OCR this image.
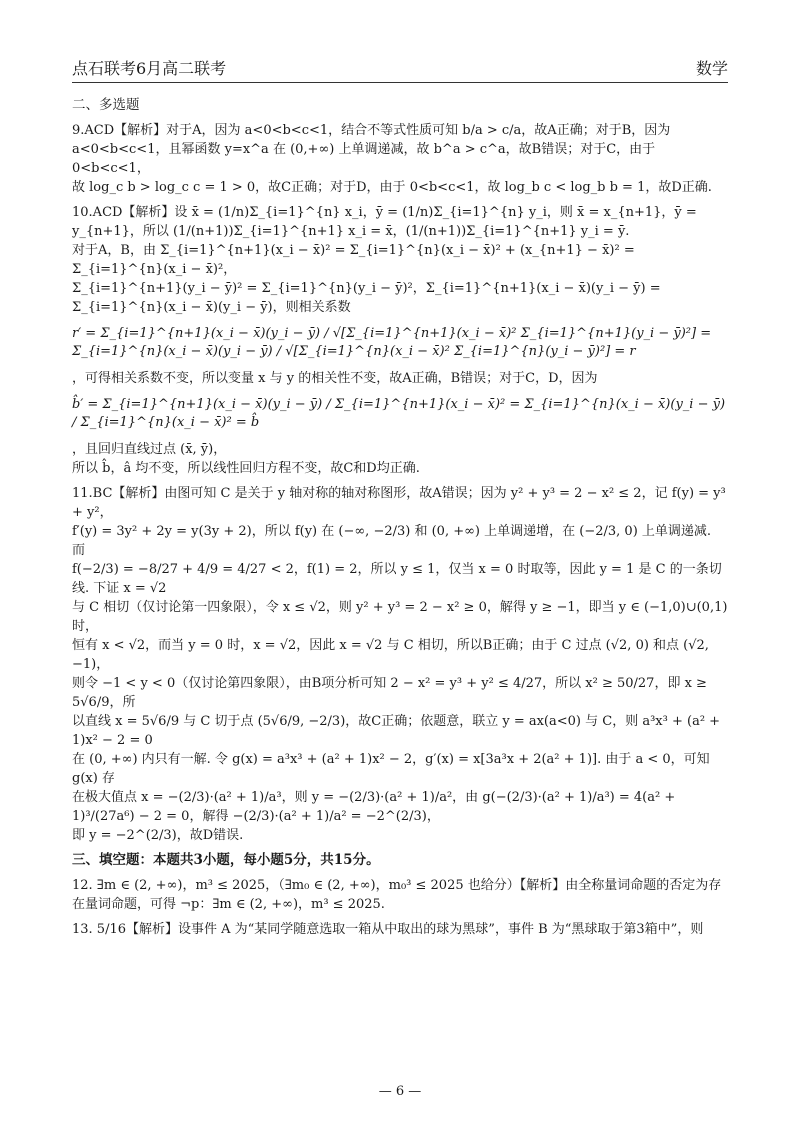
点石联考6月高二联考	数学
二、多选题
9.ACD【解析】对于A，因为 a<0<b<c<1，结合不等式性质可知 b/a > c/a，故A正确；对于B，因为
a<0<b<c<1，且幂函数 y=x^a 在 (0,+∞) 上单调递减，故 b^a > c^a，故B错误；对于C，由于 0<b<c<1，
故 log_c b > log_c c = 1 > 0，故C正确；对于D，由于 0<b<c<1，故 log_b c < log_b b = 1，故D正确.
10.ACD【解析】设 x̄ = (1/n)Σ_{i=1}^{n} x_i，ȳ = (1/n)Σ_{i=1}^{n} y_i，则 x̄ = x_{n+1}，ȳ = y_{n+1}，所以 (1/(n+1))Σ_{i=1}^{n+1} x_i = x̄，(1/(n+1))Σ_{i=1}^{n+1} y_i = ȳ.
对于A，B，由 Σ_{i=1}^{n+1}(x_i − x̄)² = Σ_{i=1}^{n}(x_i − x̄)² + (x_{n+1} − x̄)² = Σ_{i=1}^{n}(x_i − x̄)²，
Σ_{i=1}^{n+1}(y_i − ȳ)² = Σ_{i=1}^{n}(y_i − ȳ)²，Σ_{i=1}^{n+1}(x_i − x̄)(y_i − ȳ) = Σ_{i=1}^{n}(x_i − x̄)(y_i − ȳ)，则相关系数
r′ = Σ_{i=1}^{n+1}(x_i − x̄)(y_i − ȳ) / √[Σ_{i=1}^{n+1}(x_i − x̄)² Σ_{i=1}^{n+1}(y_i − ȳ)²] = Σ_{i=1}^{n}(x_i − x̄)(y_i − ȳ) / √[Σ_{i=1}^{n}(x_i − x̄)² Σ_{i=1}^{n}(y_i − ȳ)²] = r
，可得相关系数不变，所以变量 x 与 y 的相关性不变，故A正确，B错误；对于C，D，因为
b̂′ = Σ_{i=1}^{n+1}(x_i − x̄)(y_i − ȳ) / Σ_{i=1}^{n+1}(x_i − x̄)² = Σ_{i=1}^{n}(x_i − x̄)(y_i − ȳ) / Σ_{i=1}^{n}(x_i − x̄)² = b̂
，且回归直线过点 (x̄, ȳ)，
所以 b̂，â 均不变，所以线性回归方程不变，故C和D均正确.
11.BC【解析】由图可知 C 是关于 y 轴对称的轴对称图形，故A错误；因为 y² + y³ = 2 − x² ≤ 2，记 f(y) = y³ + y²，
f′(y) = 3y² + 2y = y(3y + 2)，所以 f(y) 在 (−∞, −2/3) 和 (0, +∞) 上单调递增，在 (−2/3, 0) 上单调递减. 而
f(−2/3) = −8/27 + 4/9 = 4/27 < 2，f(1) = 2，所以 y ≤ 1，仅当 x = 0 时取等，因此 y = 1 是 C 的一条切线. 下证 x = √2
与 C 相切（仅讨论第一四象限），令 x ≤ √2，则 y² + y³ = 2 − x² ≥ 0，解得 y ≥ −1，即当 y ∈ (−1,0)∪(0,1) 时，
恒有 x < √2，而当 y = 0 时，x = √2，因此 x = √2 与 C 相切，所以B正确；由于 C 过点 (√2, 0) 和点 (√2, −1)，
则令 −1 < y < 0（仅讨论第四象限），由B项分析可知 2 − x² = y³ + y² ≤ 4/27，所以 x² ≥ 50/27，即 x ≥ 5√6/9，所
以直线 x = 5√6/9 与 C 切于点 (5√6/9, −2/3)，故C正确；依题意，联立 y = ax(a<0) 与 C，则 a³x³ + (a² + 1)x² − 2 = 0
在 (0, +∞) 内只有一解. 令 g(x) = a³x³ + (a² + 1)x² − 2，g′(x) = x[3a³x + 2(a² + 1)]. 由于 a < 0，可知 g(x) 存
在极大值点 x = −(2/3)·(a² + 1)/a³，则 y = −(2/3)·(a² + 1)/a²，由 g(−(2/3)·(a² + 1)/a³) = 4(a² + 1)³/(27a⁶) − 2 = 0，解得 −(2/3)·(a² + 1)/a² = −2^(2/3)，
即 y = −2^(2/3)，故D错误.
三、填空题：本题共3小题，每小题5分，共15分。
12. ∃m ∈ (2, +∞)，m³ ≤ 2025，（∃m₀ ∈ (2, +∞)，m₀³ ≤ 2025 也给分）【解析】由全称量词命题的否定为存
在量词命题，可得 ¬p：∃m ∈ (2, +∞)，m³ ≤ 2025.
13. 5/16【解析】设事件 A 为“某同学随意选取一箱从中取出的球为黑球”，事件 B 为“黑球取于第3箱中”，则
— 6 —
